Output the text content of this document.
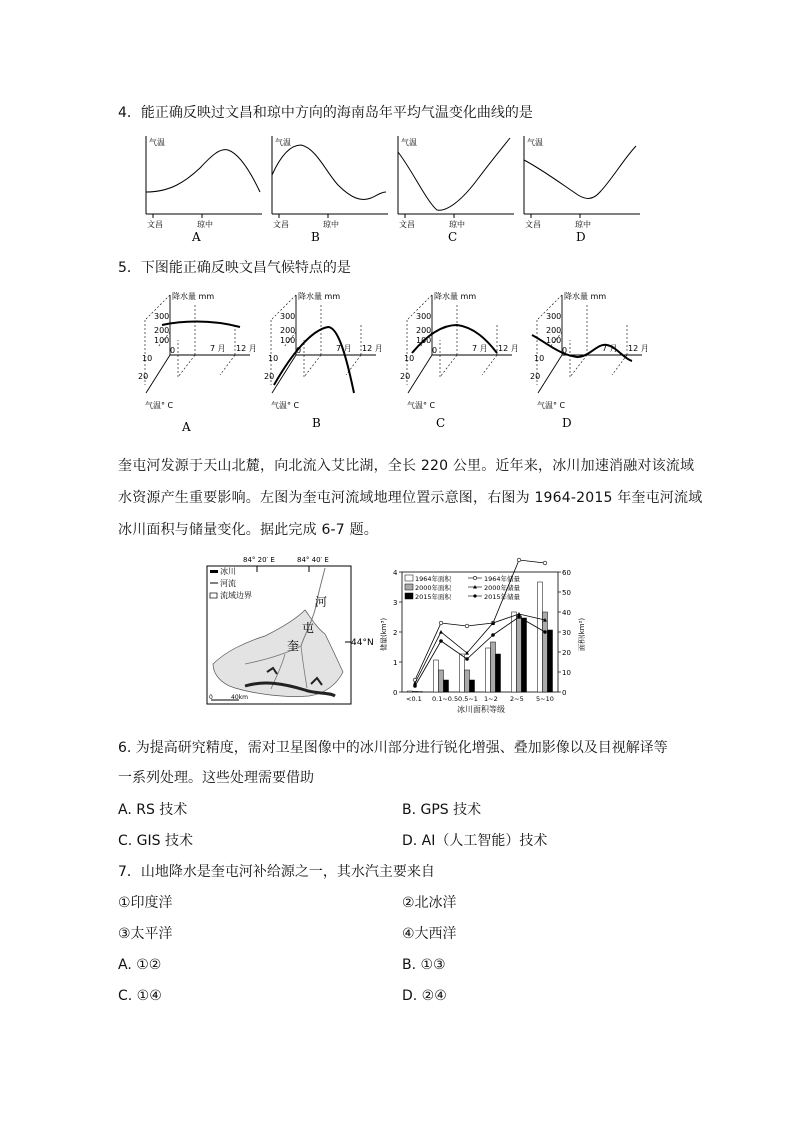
4．能正确反映过文昌和琼中方向的海南岛年平均气温变化曲线的是
气温
文昌	琼中
A
气温
文昌	琼中
B
气温
文昌	琼中
C
气温
文昌	琼中
D
5．下图能正确反映文昌气候特点的是
降水量 mm
300
200
100
0
10
20
7 月 12 月
气温° C
A
降水量 mm
300
200
100
0
10
20
7 月 12 月
气温° C
B
降水量 mm
300
200
100
0
10
20
7 月 12 月
气温° C
C
降水量 mm
300
200
100
0
10
20
7 月 12 月
气温° C
D
奎屯河发源于天山北麓，向北流入艾比湖，全长 220 公里。近年来，冰川加速消融对该流域
水资源产生重要影响。左图为奎屯河流域地理位置示意图，右图为 1964-2015 年奎屯河流域
冰川面积与储量变化。据此完成 6-7 题。
84° 20′ E	84° 40′ E
44°N
冰川
河流
流域边界	河
屯
奎
0	40km
0
1
2
3
4
0
10
20
30
40
50
60
<0.1 0.1~0.5 0.5~1 1~2 2~5 5~10
1964年面积
2000年面积
2015年面积
1964年储量
2000年储量
2015年储量
冰川面积等级
储量(km³)	面积(km²)
6. 为提高研究精度，需对卫星图像中的冰川部分进行锐化增强、叠加影像以及目视解译等
一系列处理。这些处理需要借助
A. RS 技术	B. GPS 技术
C. GIS 技术	D. AI（人工智能）技术
7．山地降水是奎屯河补给源之一，其水汽主要来自
①印度洋	②北冰洋
③太平洋	④大西洋
A. ①②	B. ①③
C. ①④	D. ②④
